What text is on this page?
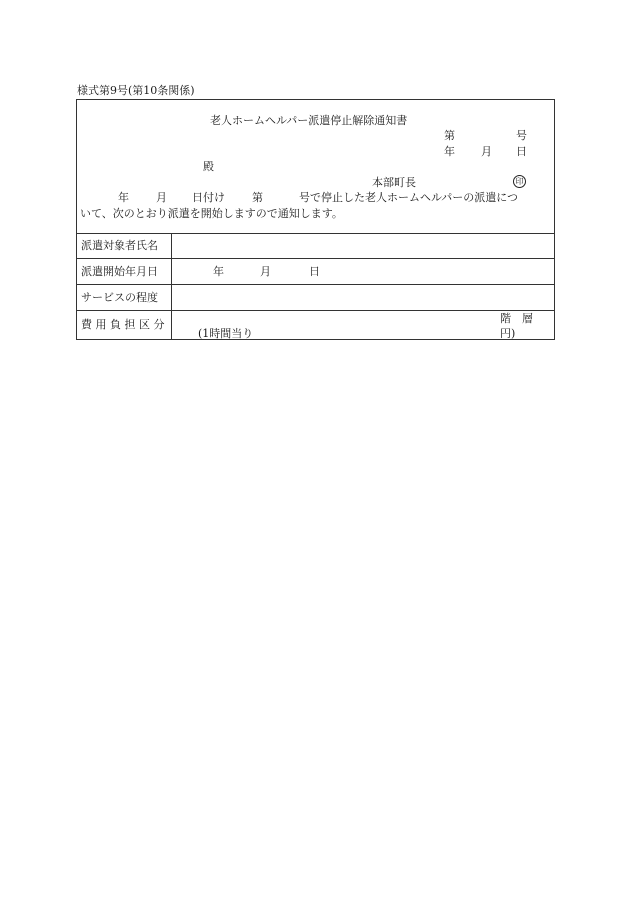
様式第9号(第10条関係)
老人ホームヘルパー派遣停止解除通知書
第	号
年 月 日
殿
本部町長	印
年 月 日付け 第	号で停止した老人ホームヘルパーの派遣につ
いて、次のとおり派遣を開始しますので通知します。
派遣対象者氏名
派遣開始年月日	年	月	日
サービスの程度
費 用 負 担 区 分	階　層
(1時間当り	円)
